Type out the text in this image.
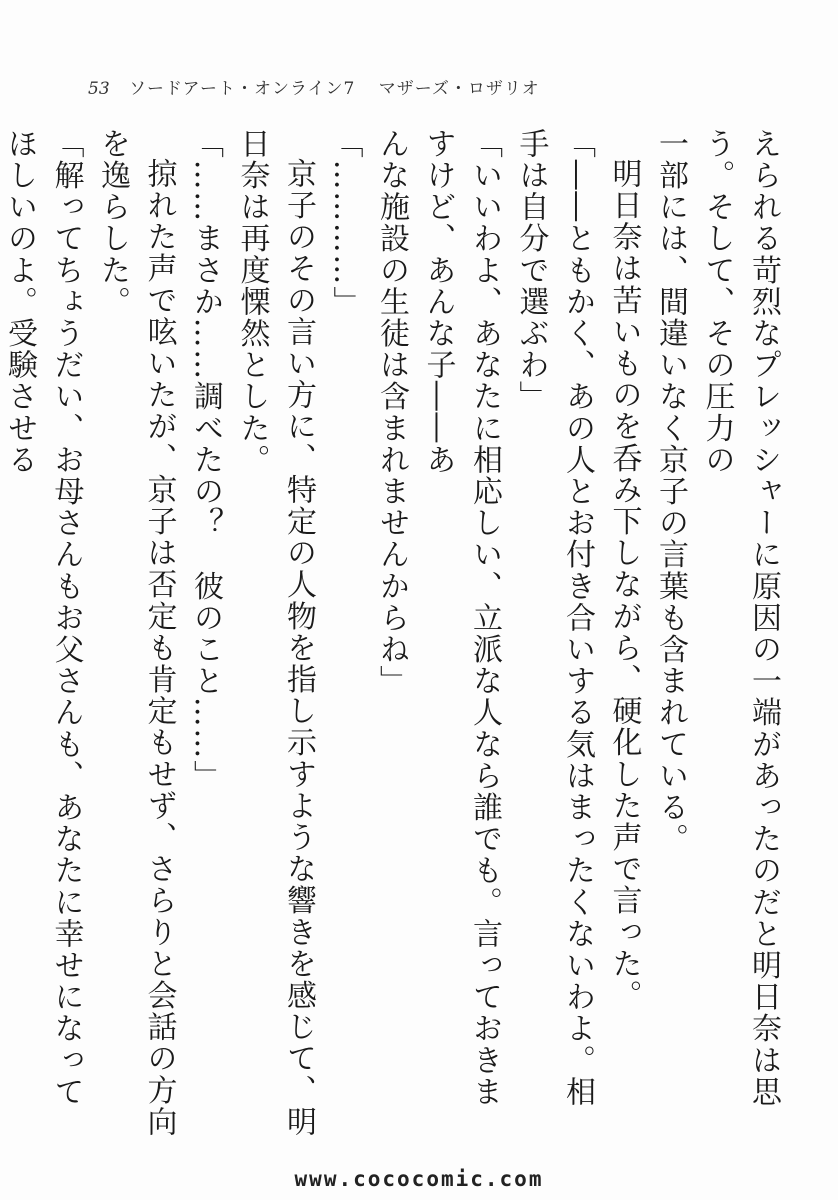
53 ソードアート・オンライン7 マザーズ・ロザリオ

えられる苛烈なプレッシャーに原因の一端があったのだと明日奈は思う。そして、その圧力の

一部には、間違いなく京子の言葉も含まれている。

明日奈は苦いものを呑み下しながら、硬化した声で言った。

「――ともかく、あの人とお付き合いする気はまったくないわよ。相手は自分で選ぶわ」

「いいわよ、あなたに相応しい、立派な人なら誰でも。言っておきますけど、あんな子――あ

んな施設の生徒は含まれませんからね」

「…………」

京子のその言い方に、特定の人物を指し示すような響きを感じて、明日奈は再度慄然とした。

「……まさか……調べたの？　彼のこと……」

掠れた声で呟いたが、京子は否定も肯定もせず、さらりと会話の方向を逸らした。

「解ってちょうだい、お母さんもお父さんも、あなたに幸せになってほしいのよ。受験させる

www.cococomic.com
